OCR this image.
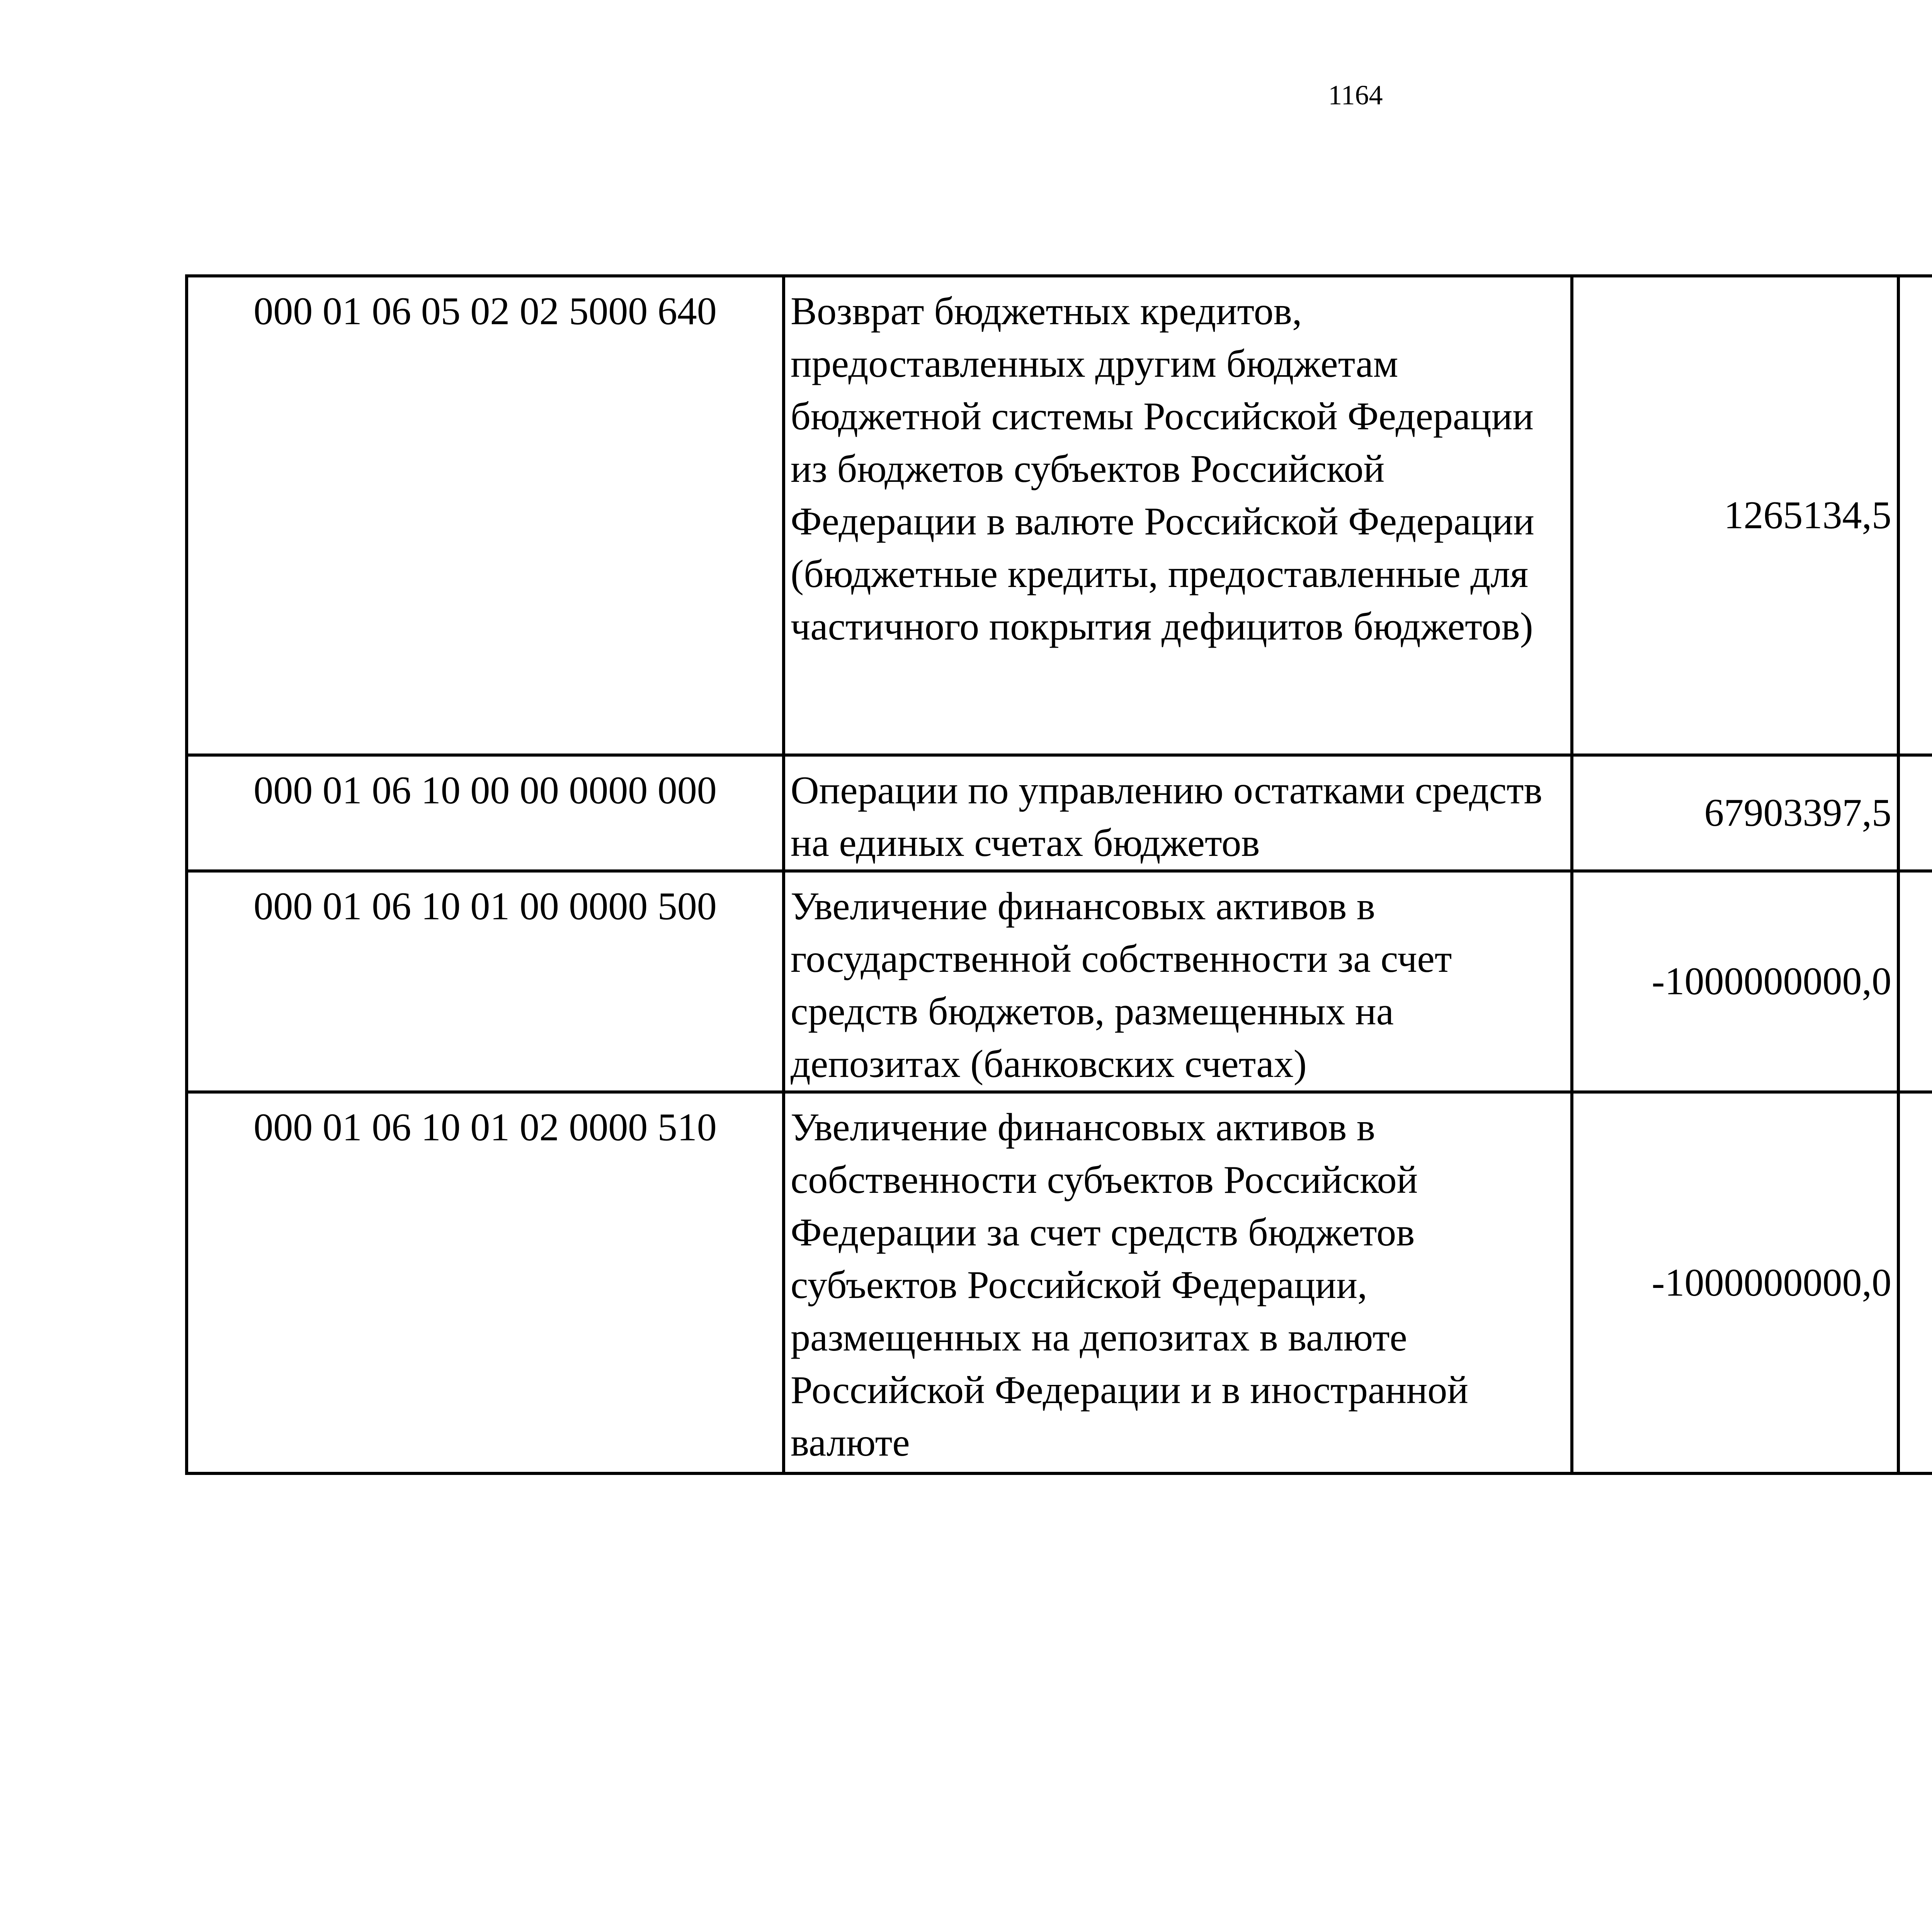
1164
000 01 06 05 02 02 5000 640	Возврат бюджетных кредитов, предоставленных другим бюджетам бюджетной системы Российской Федерации из бюджетов субъектов Российской Федерации в валюте Российской Федерации (бюджетные кредиты, предоставленные для частичного покрытия дефицитов бюджетов)	1265134,5		
000 01 06 10 00 00 0000 000	Операции по управлению остатками средств на единых счетах бюджетов	67903397,5		
000 01 06 10 01 00 0000 500	Увеличение финансовых активов в государственной собственности за счет средств бюджетов, размещенных на депозитах (банковских счетах)	-1000000000,0		
000 01 06 10 01 02 0000 510	Увеличение финансовых активов в собственности субъектов Российской Федерации за счет средств бюджетов субъектов Российской Федерации, размещенных на депозитах в валюте Российской Федерации и в иностранной валюте	-1000000000,0		
